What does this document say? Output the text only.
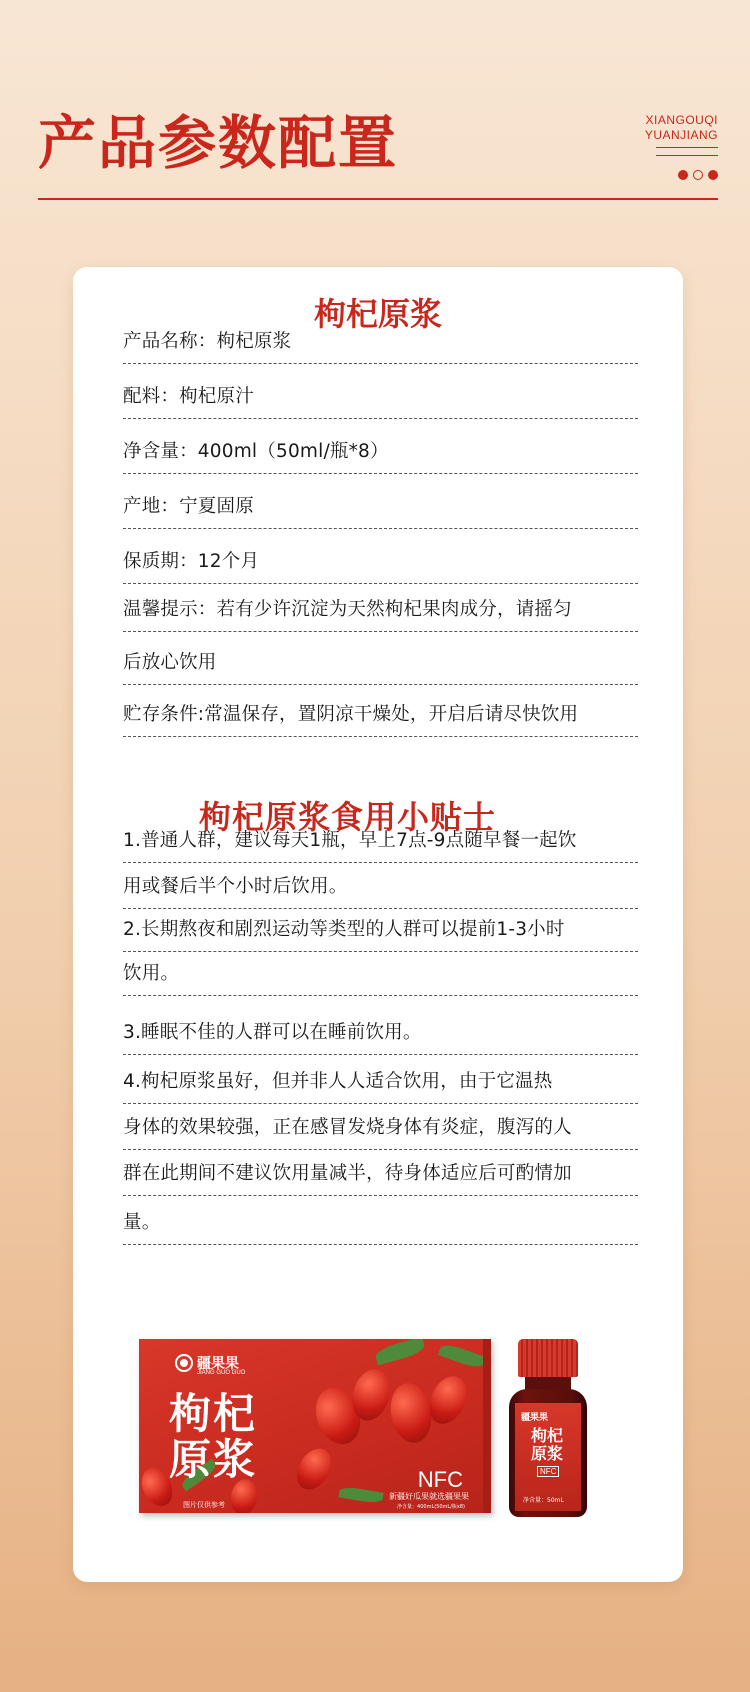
产品参数配置	XIANGOUQI
YUANJIANG
枸杞原浆
产品名称：枸杞原浆
配料：枸杞原汁
净含量：400ml（50ml/瓶*8）
产地：宁夏固原
保质期：12个月
温馨提示：若有少许沉淀为天然枸杞果肉成分，请摇匀
后放心饮用
贮存条件:常温保存，置阴凉干燥处，开启后请尽快饮用
枸杞原浆食用小贴士
1.普通人群，建议每天1瓶，早上7点-9点随早餐一起饮
用或餐后半个小时后饮用。
2.长期熬夜和剧烈运动等类型的人群可以提前1-3小时
饮用。
3.睡眠不佳的人群可以在睡前饮用。
4.枸杞原浆虽好，但并非人人适合饮用，由于它温热
身体的效果较强，正在感冒发烧身体有炎症，腹泻的人
群在此期间不建议饮用量减半，待身体适应后可酌情加
量。
疆果果
JIANG GUO GUO
枸杞
原浆	NFC
新疆好瓜果就选疆果果
图片仅供参考	净含量：400mL(50mL/瓶x8)
疆果果
枸杞
原浆
NFC
净含量：50mL
